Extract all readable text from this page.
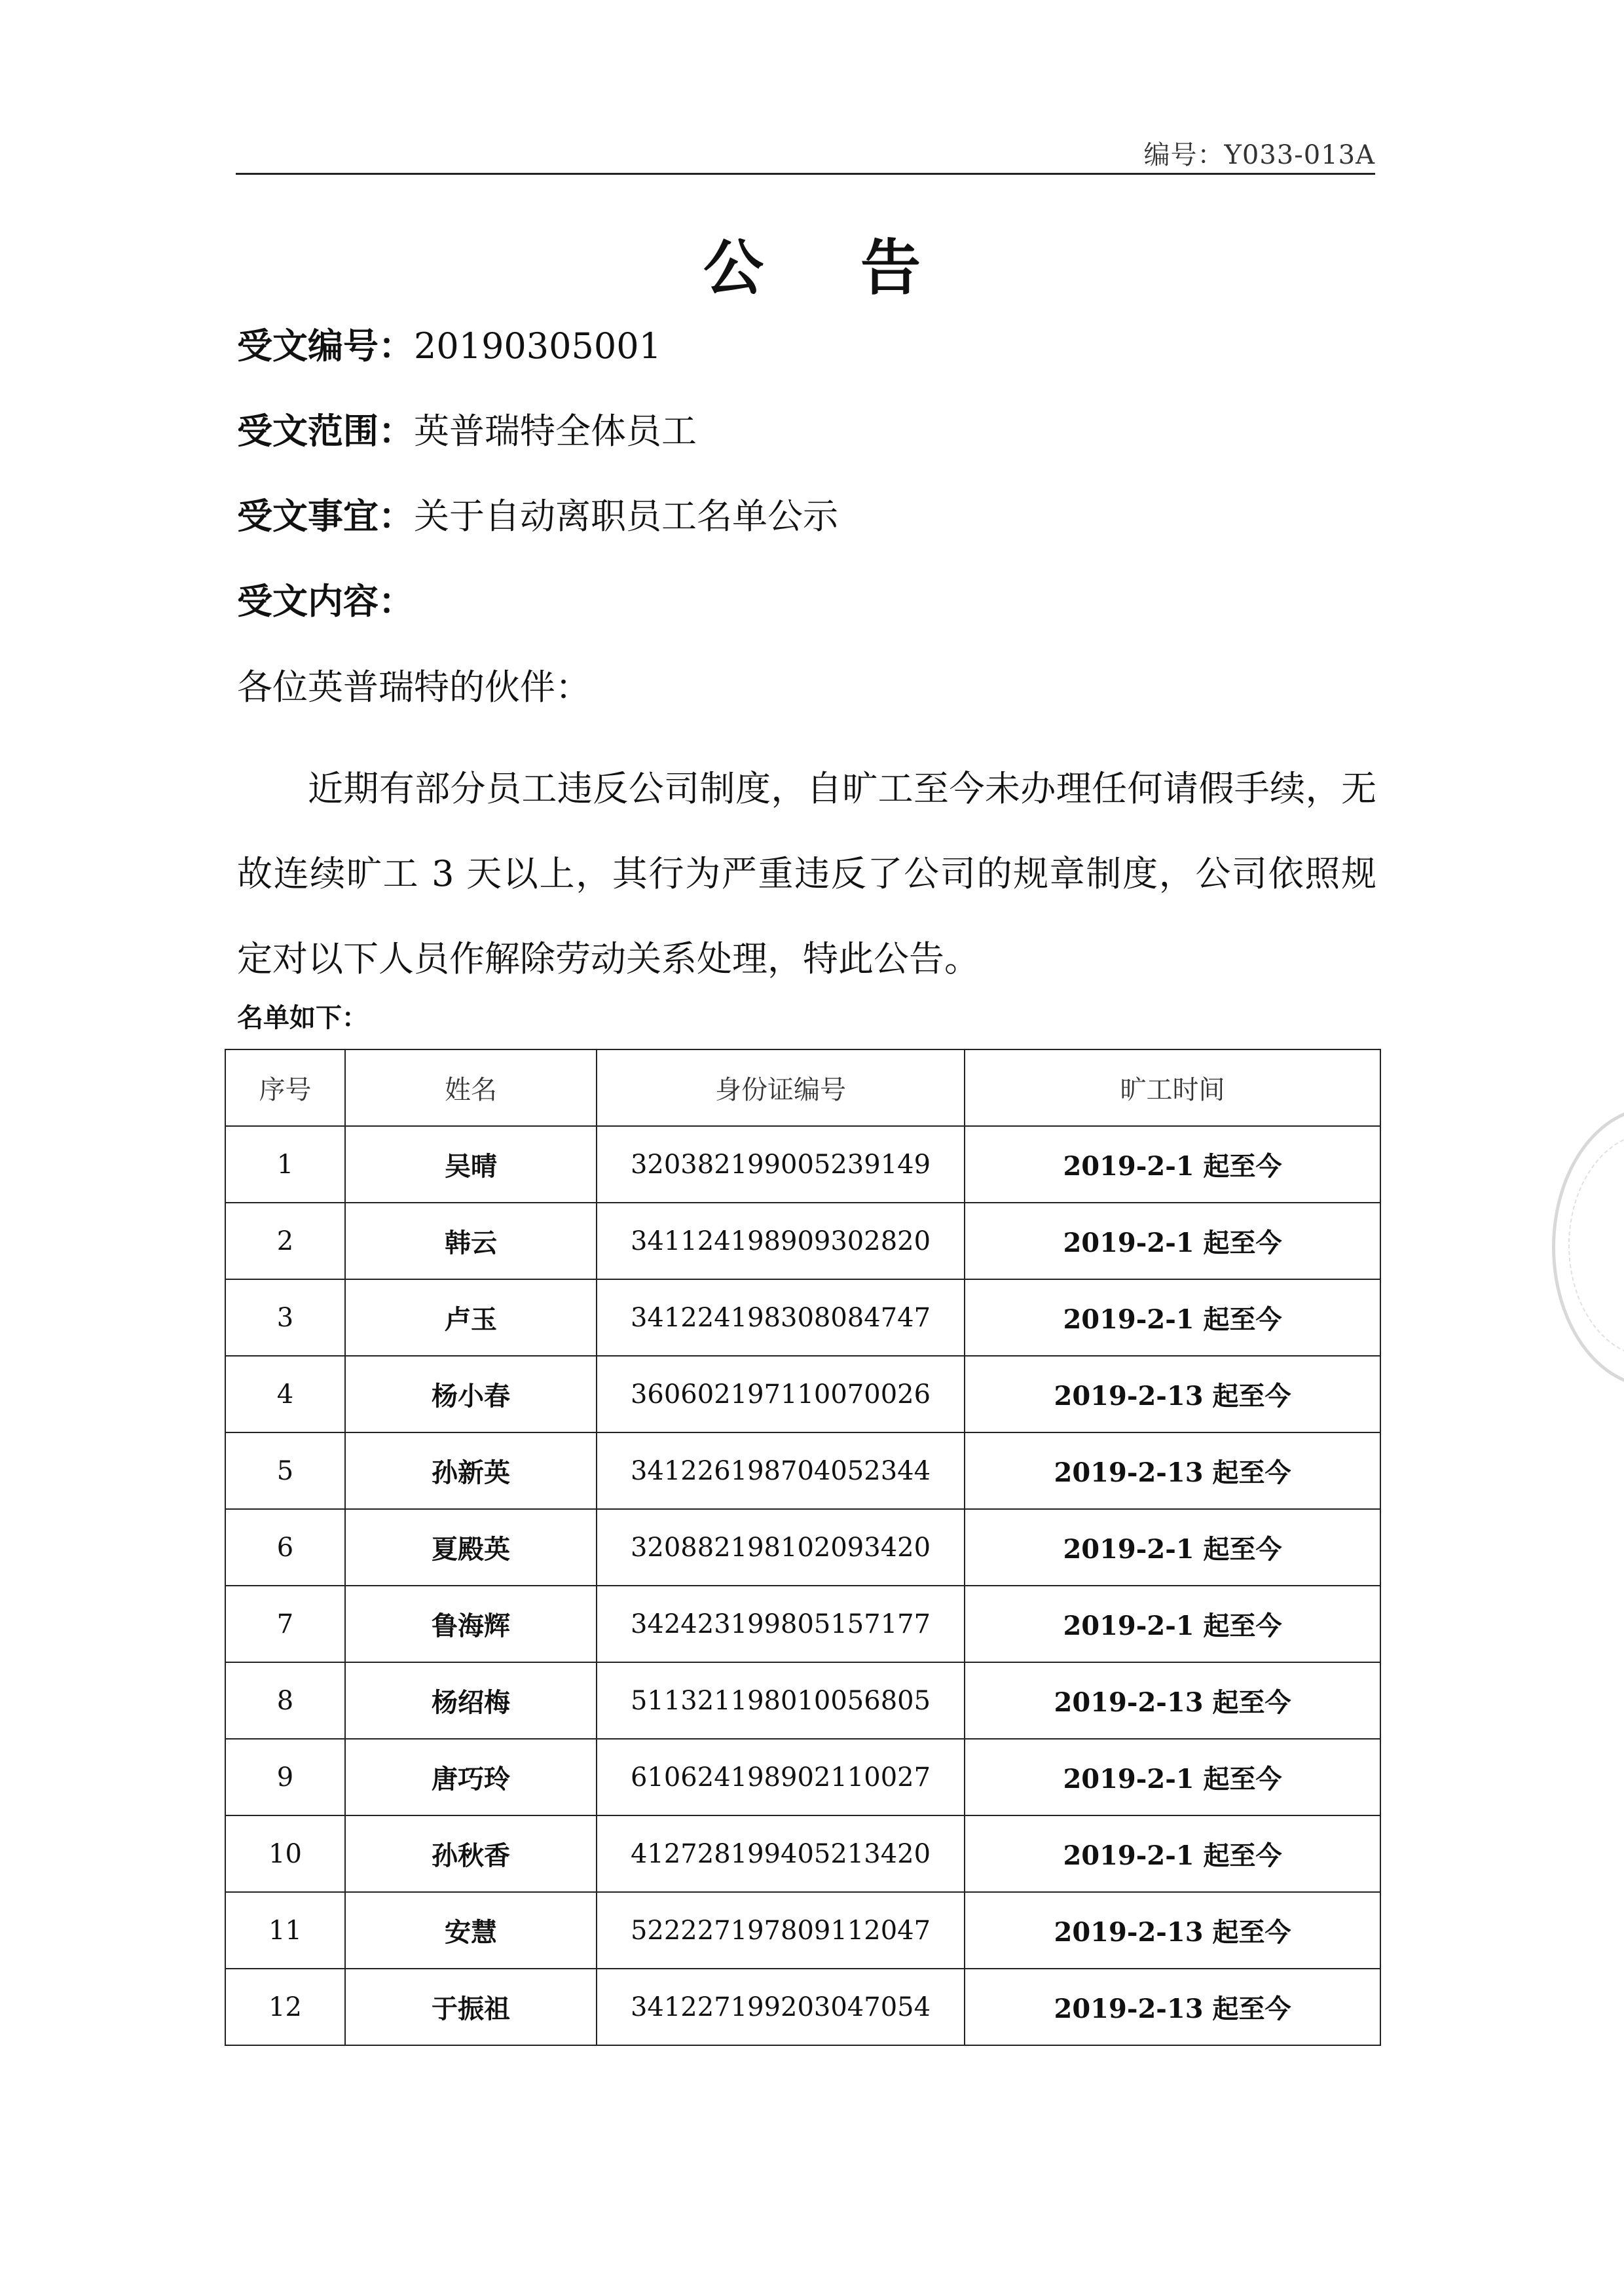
编号：Y033-013A
公 告
受文编号：20190305001
受文范围：英普瑞特全体员工
受文事宜：关于自动离职员工名单公示
受文内容：
各位英普瑞特的伙伴：
近期有部分员工违反公司制度，自旷工至今未办理任何请假手续，无故连续旷工 3 天以上，其行为严重违反了公司的规章制度，公司依照规定对以下人员作解除劳动关系处理，特此公告。
名单如下：
序号	姓名	身份证编号	旷工时间
1	吴晴	320382199005239149	2019-2-1 起至今
2	韩云	341124198909302820	2019-2-1 起至今
3	卢玉	341224198308084747	2019-2-1 起至今
4	杨小春	360602197110070026	2019-2-13 起至今
5	孙新英	341226198704052344	2019-2-13 起至今
6	夏殿英	320882198102093420	2019-2-1 起至今
7	鲁海辉	342423199805157177	2019-2-1 起至今
8	杨绍梅	511321198010056805	2019-2-13 起至今
9	唐巧玲	610624198902110027	2019-2-1 起至今
10	孙秋香	412728199405213420	2019-2-1 起至今
11	安慧	522227197809112047	2019-2-13 起至今
12	于振祖	341227199203047054	2019-2-13 起至今
